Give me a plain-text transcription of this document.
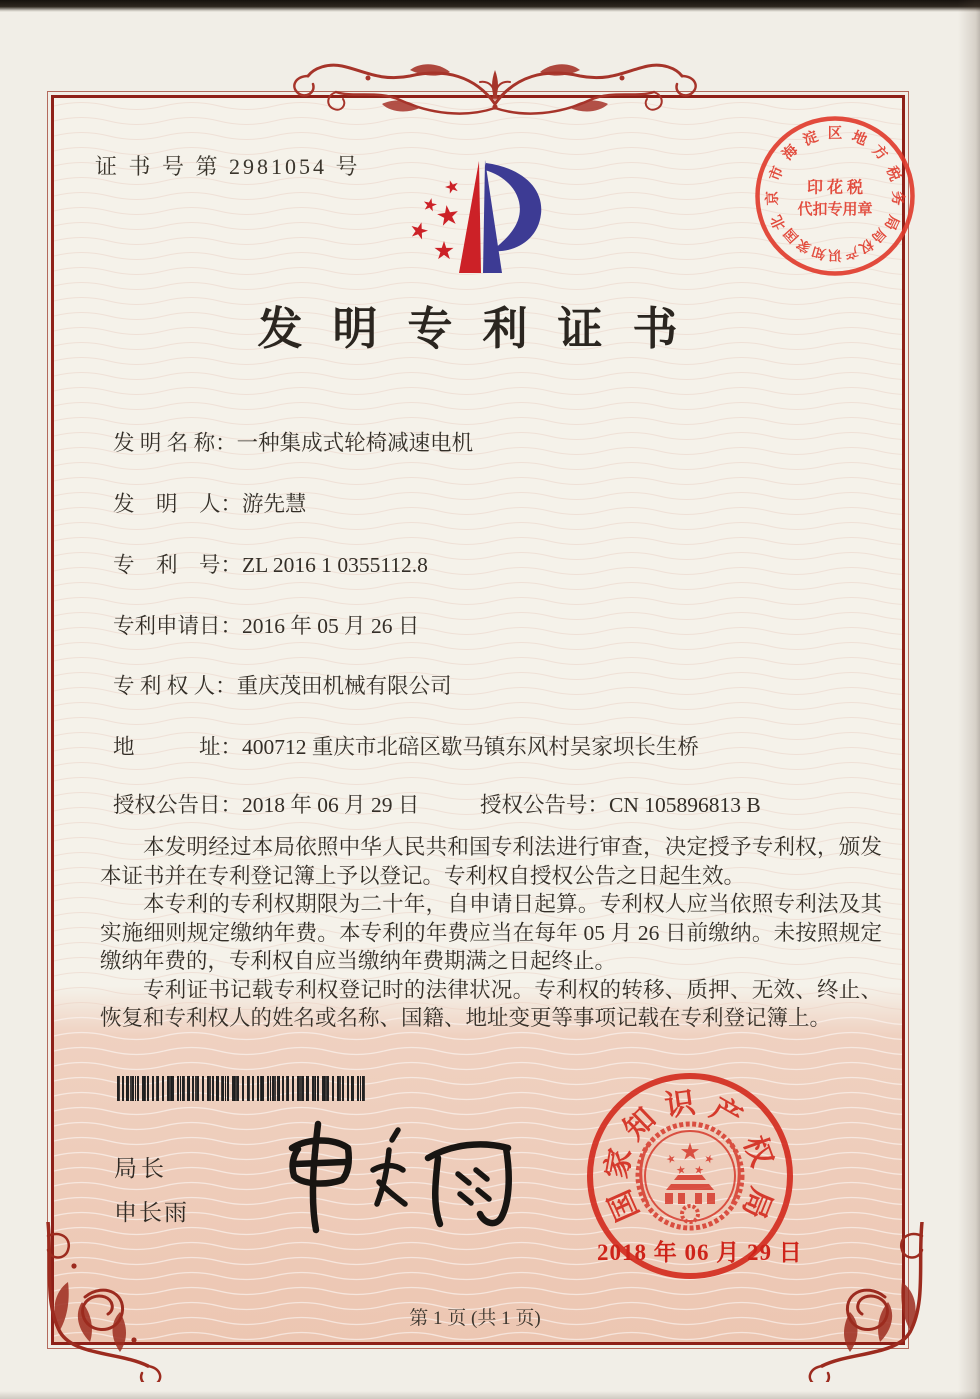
证 书 号 第 2981054 号
北
京
市
海
淀 区 地
方
税
务
局
国
家
知 识 产
权
局
印 花 税
代扣专用章
发明专利证书
发 明 名 称：一种集成式轮椅减速电机
发　明　人：游先慧
专　利　号：ZL 2016 1 0355112.8
专利申请日：2016 年 05 月 26 日
专 利 权 人：重庆茂田机械有限公司
地　　　址：400712 重庆市北碚区歇马镇东风村吴家坝长生桥
授权公告日：2018 年 06 月 29 日	授权公告号：CN 105896813 B

本发明经过本局依照中华人民共和国专利法进行审查，决定授予专利权，颁发本证书并在专利登记簿上予以登记。专利权自授权公告之日起生效。

本专利的专利权期限为二十年，自申请日起算。专利权人应当依照专利法及其实施细则规定缴纳年费。本专利的年费应当在每年 05 月 26 日前缴纳。未按照规定缴纳年费的，专利权自应当缴纳年费期满之日起终止。

专利证书记载专利权登记时的法律状况。专利权的转移、质押、无效、终止、恢复和专利权人的姓名或名称、国籍、地址变更等事项记载在专利登记簿上。

局长
申长雨	国
家
知 识 产
权
局
2018 年 06 月 29 日
第 1 页 (共 1 页)
